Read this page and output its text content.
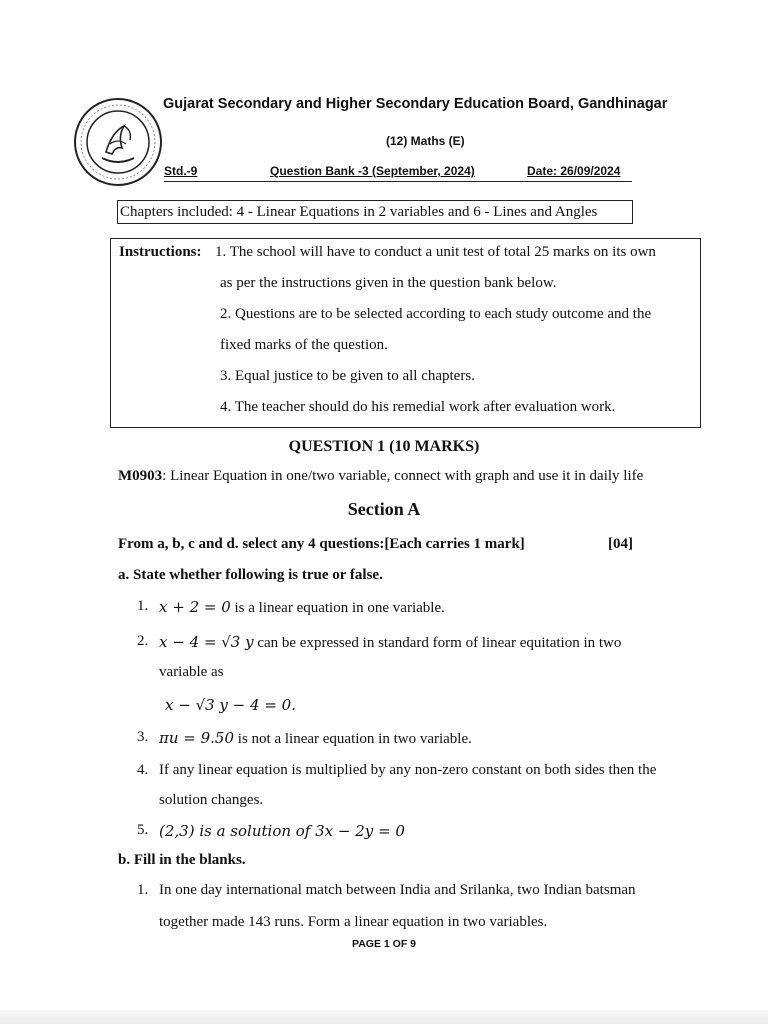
Gujarat Secondary and Higher Secondary Education Board, Gandhinagar
(12) Maths (E)
Std.-9	Question Bank -3 (September, 2024)	Date: 26/09/2024
Chapters included: 4 - Linear Equations in 2 variables and 6 - Lines and Angles
Instructions: 1. The school will have to conduct a unit test of total 25 marks on its own
as per the instructions given in the question bank below.
2. Questions are to be selected according to each study outcome and the
fixed marks of the question.
3. Equal justice to be given to all chapters.
4. The teacher should do his remedial work after evaluation work.
QUESTION 1 (10 MARKS)
M0903: Linear Equation in one/two variable, connect with graph and use it in daily life
Section A
From a, b, c and d. select any 4 questions:[Each carries 1 mark]	[04]
a. State whether following is true or false.
1. x + 2 = 0 is a linear equation in one variable.
2. x − 4 = √3 y can be expressed in standard form of linear equitation in two
variable as
x − √3 y − 4 = 0.
3. πu = 9.50 is not a linear equation in two variable.
4. If any linear equation is multiplied by any non-zero constant on both sides then the
solution changes.
5. (2,3) is a solution of 3x − 2y = 0
b. Fill in the blanks.
1. In one day international match between India and Srilanka, two Indian batsman
together made 143 runs. Form a linear equation in two variables.
PAGE 1 OF 9
